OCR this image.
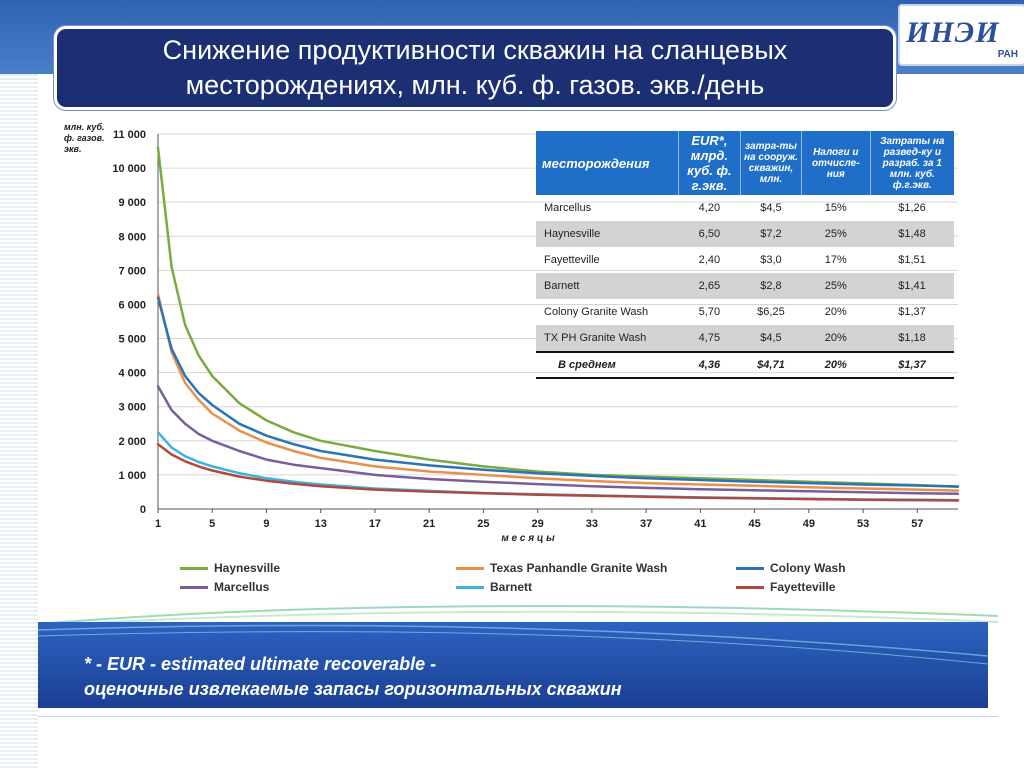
Снижение продуктивности скважин на сланцевых месторождениях, млн. куб. ф. газов. экв./день
ИНЭИ
РАН
0
1 000
2 000
3 000
4 000
5 000
6 000
7 000
8 000
9 000
10 000
11 000
1	5	9	13	17	21	25	29	33	37	41	45	49	53	57
м е с я ц ы
млн. куб. ф. газов. экв.
месторождения	EUR*, млрд. куб. ф. г.экв.	затра-ты на сооруж. скважин, млн.	Налоги и отчисле-ния	Затраты на развед-ку и разраб. за 1 млн. куб. ф.г.экв.
Marcellus	4,20	$4,5	15%	$1,26
Haynesville	6,50	$7,2	25%	$1,48
Fayetteville	2,40	$3,0	17%	$1,51
Barnett	2,65	$2,8	25%	$1,41
Colony Granite Wash	5,70	$6,25	20%	$1,37
TX PH Granite Wash	4,75	$4,5	20%	$1,18
В среднем	4,36	$4,71	20%	$1,37
Haynesville	Texas Panhandle Granite Wash	Colony Wash
Marcellus	Barnett	Fayetteville
* - EUR - estimated ultimate recoverable -
оценочные извлекаемые запасы горизонтальных скважин
